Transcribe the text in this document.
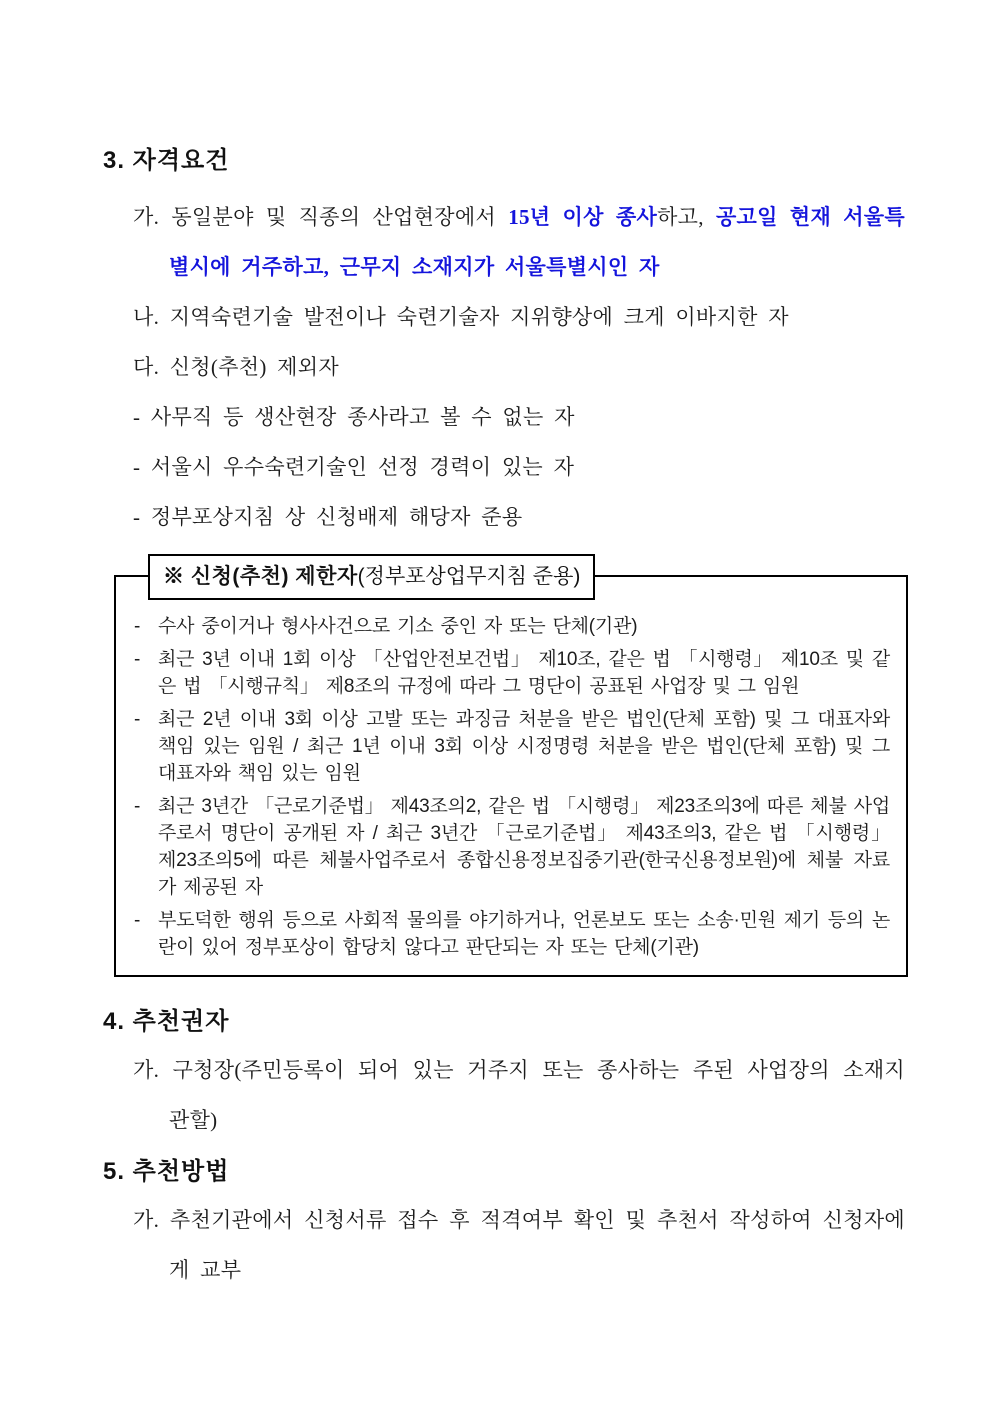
3. 자격요건
가. 동일분야 및 직종의 산업현장에서 15년 이상 종사하고, 공고일 현재 서울특별시에 거주하고, 근무지 소재지가 서울특별시인 자
나. 지역숙련기술 발전이나 숙련기술자 지위향상에 크게 이바지한 자
다. 신청(추천) 제외자
- 사무직 등 생산현장 종사라고 볼 수 없는 자
- 서울시 우수숙련기술인 선정 경력이 있는 자
- 정부포상지침 상 신청배제 해당자 준용
※ 신청(추천) 제한자(정부포상업무지침 준용)
- 수사 중이거나 형사사건으로 기소 중인 자 또는 단체(기관)
- 최근 3년 이내 1회 이상 「산업안전보건법」 제10조, 같은 법 「시행령」 제10조 및 같은 법 「시행규칙」 제8조의 규정에 따라 그 명단이 공표된 사업장 및 그 임원
- 최근 2년 이내 3회 이상 고발 또는 과징금 처분을 받은 법인(단체 포함) 및 그 대표자와 책임 있는 임원 / 최근 1년 이내 3회 이상 시정명령 처분을 받은 법인(단체 포함) 및 그 대표자와 책임 있는 임원
- 최근 3년간 「근로기준법」 제43조의2, 같은 법 「시행령」 제23조의3에 따른 체불 사업주로서 명단이 공개된 자 / 최근 3년간 「근로기준법」 제43조의3, 같은 법 「시행령」 제23조의5에 따른 체불사업주로서 종합신용정보집중기관(한국신용정보원)에 체불 자료가 제공된 자
- 부도덕한 행위 등으로 사회적 물의를 야기하거나, 언론보도 또는 소송·민원 제기 등의 논란이 있어 정부포상이 합당치 않다고 판단되는 자 또는 단체(기관)
4. 추천권자
가. 구청장(주민등록이 되어 있는 거주지 또는 종사하는 주된 사업장의 소재지 관할)
5. 추천방법
가. 추천기관에서 신청서류 접수 후 적격여부 확인 및 추천서 작성하여 신청자에게 교부
